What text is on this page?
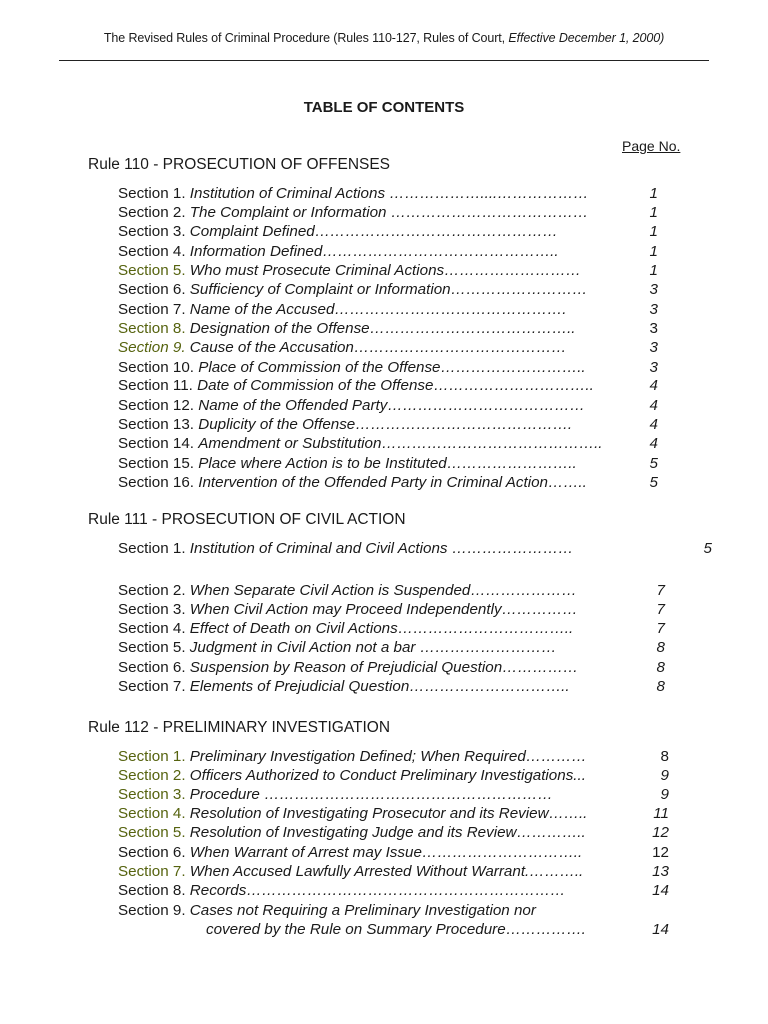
The Revised Rules of Criminal Procedure (Rules 110-127, Rules of Court, Effective December 1, 2000)
TABLE OF CONTENTS
Page No.
Rule 110 - PROSECUTION OF OFFENSES
Section 1. Institution of Criminal Actions ………………....………………	1
Section 2. The Complaint or Information …………………………………	1
Section 3. Complaint Defined…………………………………………	1
Section 4. Information Defined………………………………………..	1
Section 5. Who must Prosecute Criminal Actions………………………	1
Section 6. Sufficiency of Complaint or Information………………………	3
Section 7. Name of the Accused……………………………………….	3
Section 8. Designation of the Offense…………………………………..	3
Section 9. Cause of the Accusation……………………………………	3
Section 10. Place of Commission of the Offense………………………..	3
Section 11. Date of Commission of the Offense…………………………..	4
Section 12. Name of the Offended Party…………………………………	4
Section 13. Duplicity of the Offense…………………………………….	4
Section 14. Amendment or Substitution……………………………………..	4
Section 15. Place where Action is to be Instituted……………………..	5
Section 16. Intervention of the Offended Party in Criminal Action……..	5
Rule 111 - PROSECUTION OF CIVIL ACTION
Section 1. Institution of Criminal and Civil Actions ……………………	5
Section 2. When Separate Civil Action is Suspended…………………	7
Section 3. When Civil Action may Proceed Independently……………	7
Section 4. Effect of Death on Civil Actions……………………………..	7
Section 5. Judgment in Civil Action not a bar ………………………	8
Section 6. Suspension by Reason of Prejudicial Question……………	8
Section 7. Elements of Prejudicial Question…………………………..	8
Rule 112 - PRELIMINARY INVESTIGATION
Section 1. Preliminary Investigation Defined; When Required…………	8
Section 2. Officers Authorized to Conduct Preliminary Investigations...	9
Section 3. Procedure …………………………………………………	9
Section 4. Resolution of Investigating Prosecutor and its Review……..	11
Section 5. Resolution of Investigating Judge and its Review…………..	12
Section 6. When Warrant of Arrest may Issue…………………………..	12
Section 7. When Accused Lawfully Arrested Without Warrant.………..	13
Section 8. Records………………………………………………………	14
Section 9. Cases not Requiring a Preliminary Investigation nor
covered by the Rule on Summary Procedure…………….	14
